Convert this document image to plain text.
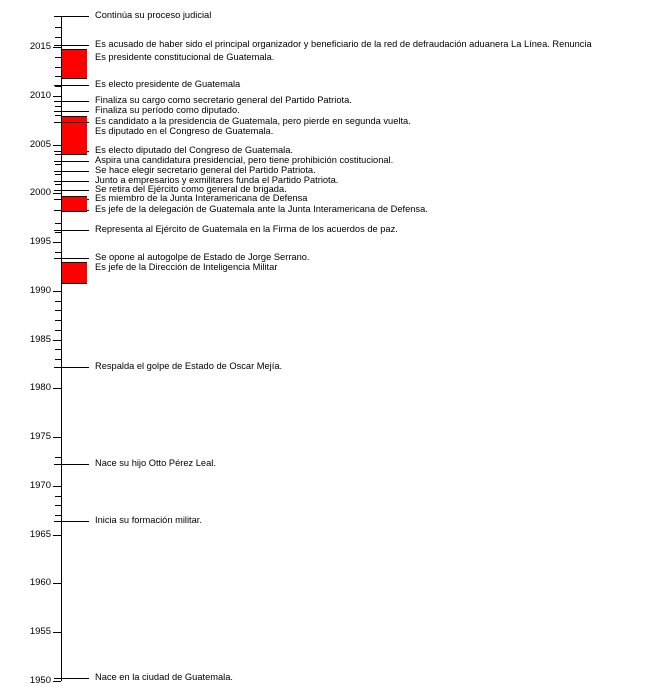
2015
2010
2005
2000
1995
1990
1985
1980
1975
1970
1965
1960
1955
1950
Continúa su proceso judicial
Es acusado de haber sido el principal organizador y beneficiario de la red de defraudación aduanera La Línea. Renuncia
Es presidente constitucional de Guatemala.
Es electo presidente de Guatemala
Finaliza su cargo como secretario general del Partido Patriota.
Finaliza su período como diputado.
Es candidato a la presidencia de Guatemala, pero pierde en segunda vuelta.
Es diputado en el Congreso de Guatemala.
Es electo diputado del Congreso de Guatemala.
Aspira una candidatura presidencial, pero tiene prohibición costitucional.
Se hace elegir secretario general del Partido Patriota.
Junto a empresarios y exmilitares funda el Partido Patriota.
Se retira del Ejército como general de brigada.
Es miembro de la Junta Interamericana de Defensa
Es jefe de la delegación de Guatemala ante la Junta Interamericana de Defensa.
Representa al Ejército de Guatemala en la Firma de los acuerdos de paz.
Se opone al autogolpe de Estado de Jorge Serrano.
Es jefe de la Dirección de Inteligencia Militar
Respalda el golpe de Estado de Oscar Mejía.
Nace su hijo Otto Pérez Leal.
Inicia su formación militar.
Nace en la ciudad de Guatemala.
